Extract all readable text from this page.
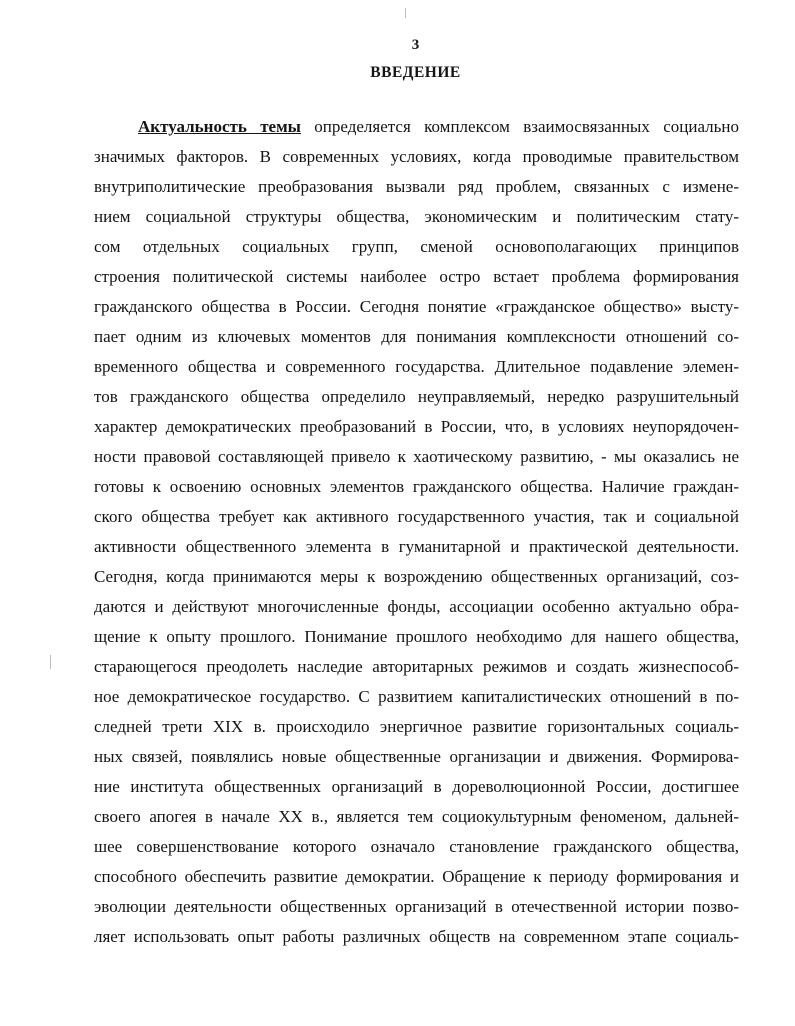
3
ВВЕДЕНИЕ
Актуальность темы определяется комплексом взаимосвязанных социально
значимых факторов. В современных условиях, когда проводимые правительством
внутриполитические преобразования вызвали ряд проблем, связанных с измене-
нием социальной структуры общества, экономическим и политическим стату-
сом отдельных социальных групп, сменой основополагающих принципов
строения политической системы наиболее остро встает проблема формирования
гражданского общества в России. Сегодня понятие «гражданское общество» высту-
пает одним из ключевых моментов для понимания комплексности отношений со-
временного общества и современного государства. Длительное подавление элемен-
тов гражданского общества определило неуправляемый, нередко разрушительный
характер демократических преобразований в России, что, в условиях неупорядочен-
ности правовой составляющей привело к хаотическому развитию, - мы оказались не
готовы к освоению основных элементов гражданского общества. Наличие граждан-
ского общества требует как активного государственного участия, так и социальной
активности общественного элемента в гуманитарной и практической деятельности.
Сегодня, когда принимаются меры к возрождению общественных организаций, соз-
даются и действуют многочисленные фонды, ассоциации особенно актуально обра-
щение к опыту прошлого. Понимание прошлого необходимо для нашего общества,
старающегося преодолеть наследие авторитарных режимов и создать жизнеспособ-
ное демократическое государство. С развитием капиталистических отношений в по-
следней трети XIX в. происходило энергичное развитие горизонтальных социаль-
ных связей, появлялись новые общественные организации и движения. Формирова-
ние института общественных организаций в дореволюционной России, достигшее
своего апогея в начале XX в., является тем социокультурным феноменом, дальней-
шее совершенствование которого означало становление гражданского общества,
способного обеспечить развитие демократии. Обращение к периоду формирования и
эволюции деятельности общественных организаций в отечественной истории позво-
ляет использовать опыт работы различных обществ на современном этапе социаль-
